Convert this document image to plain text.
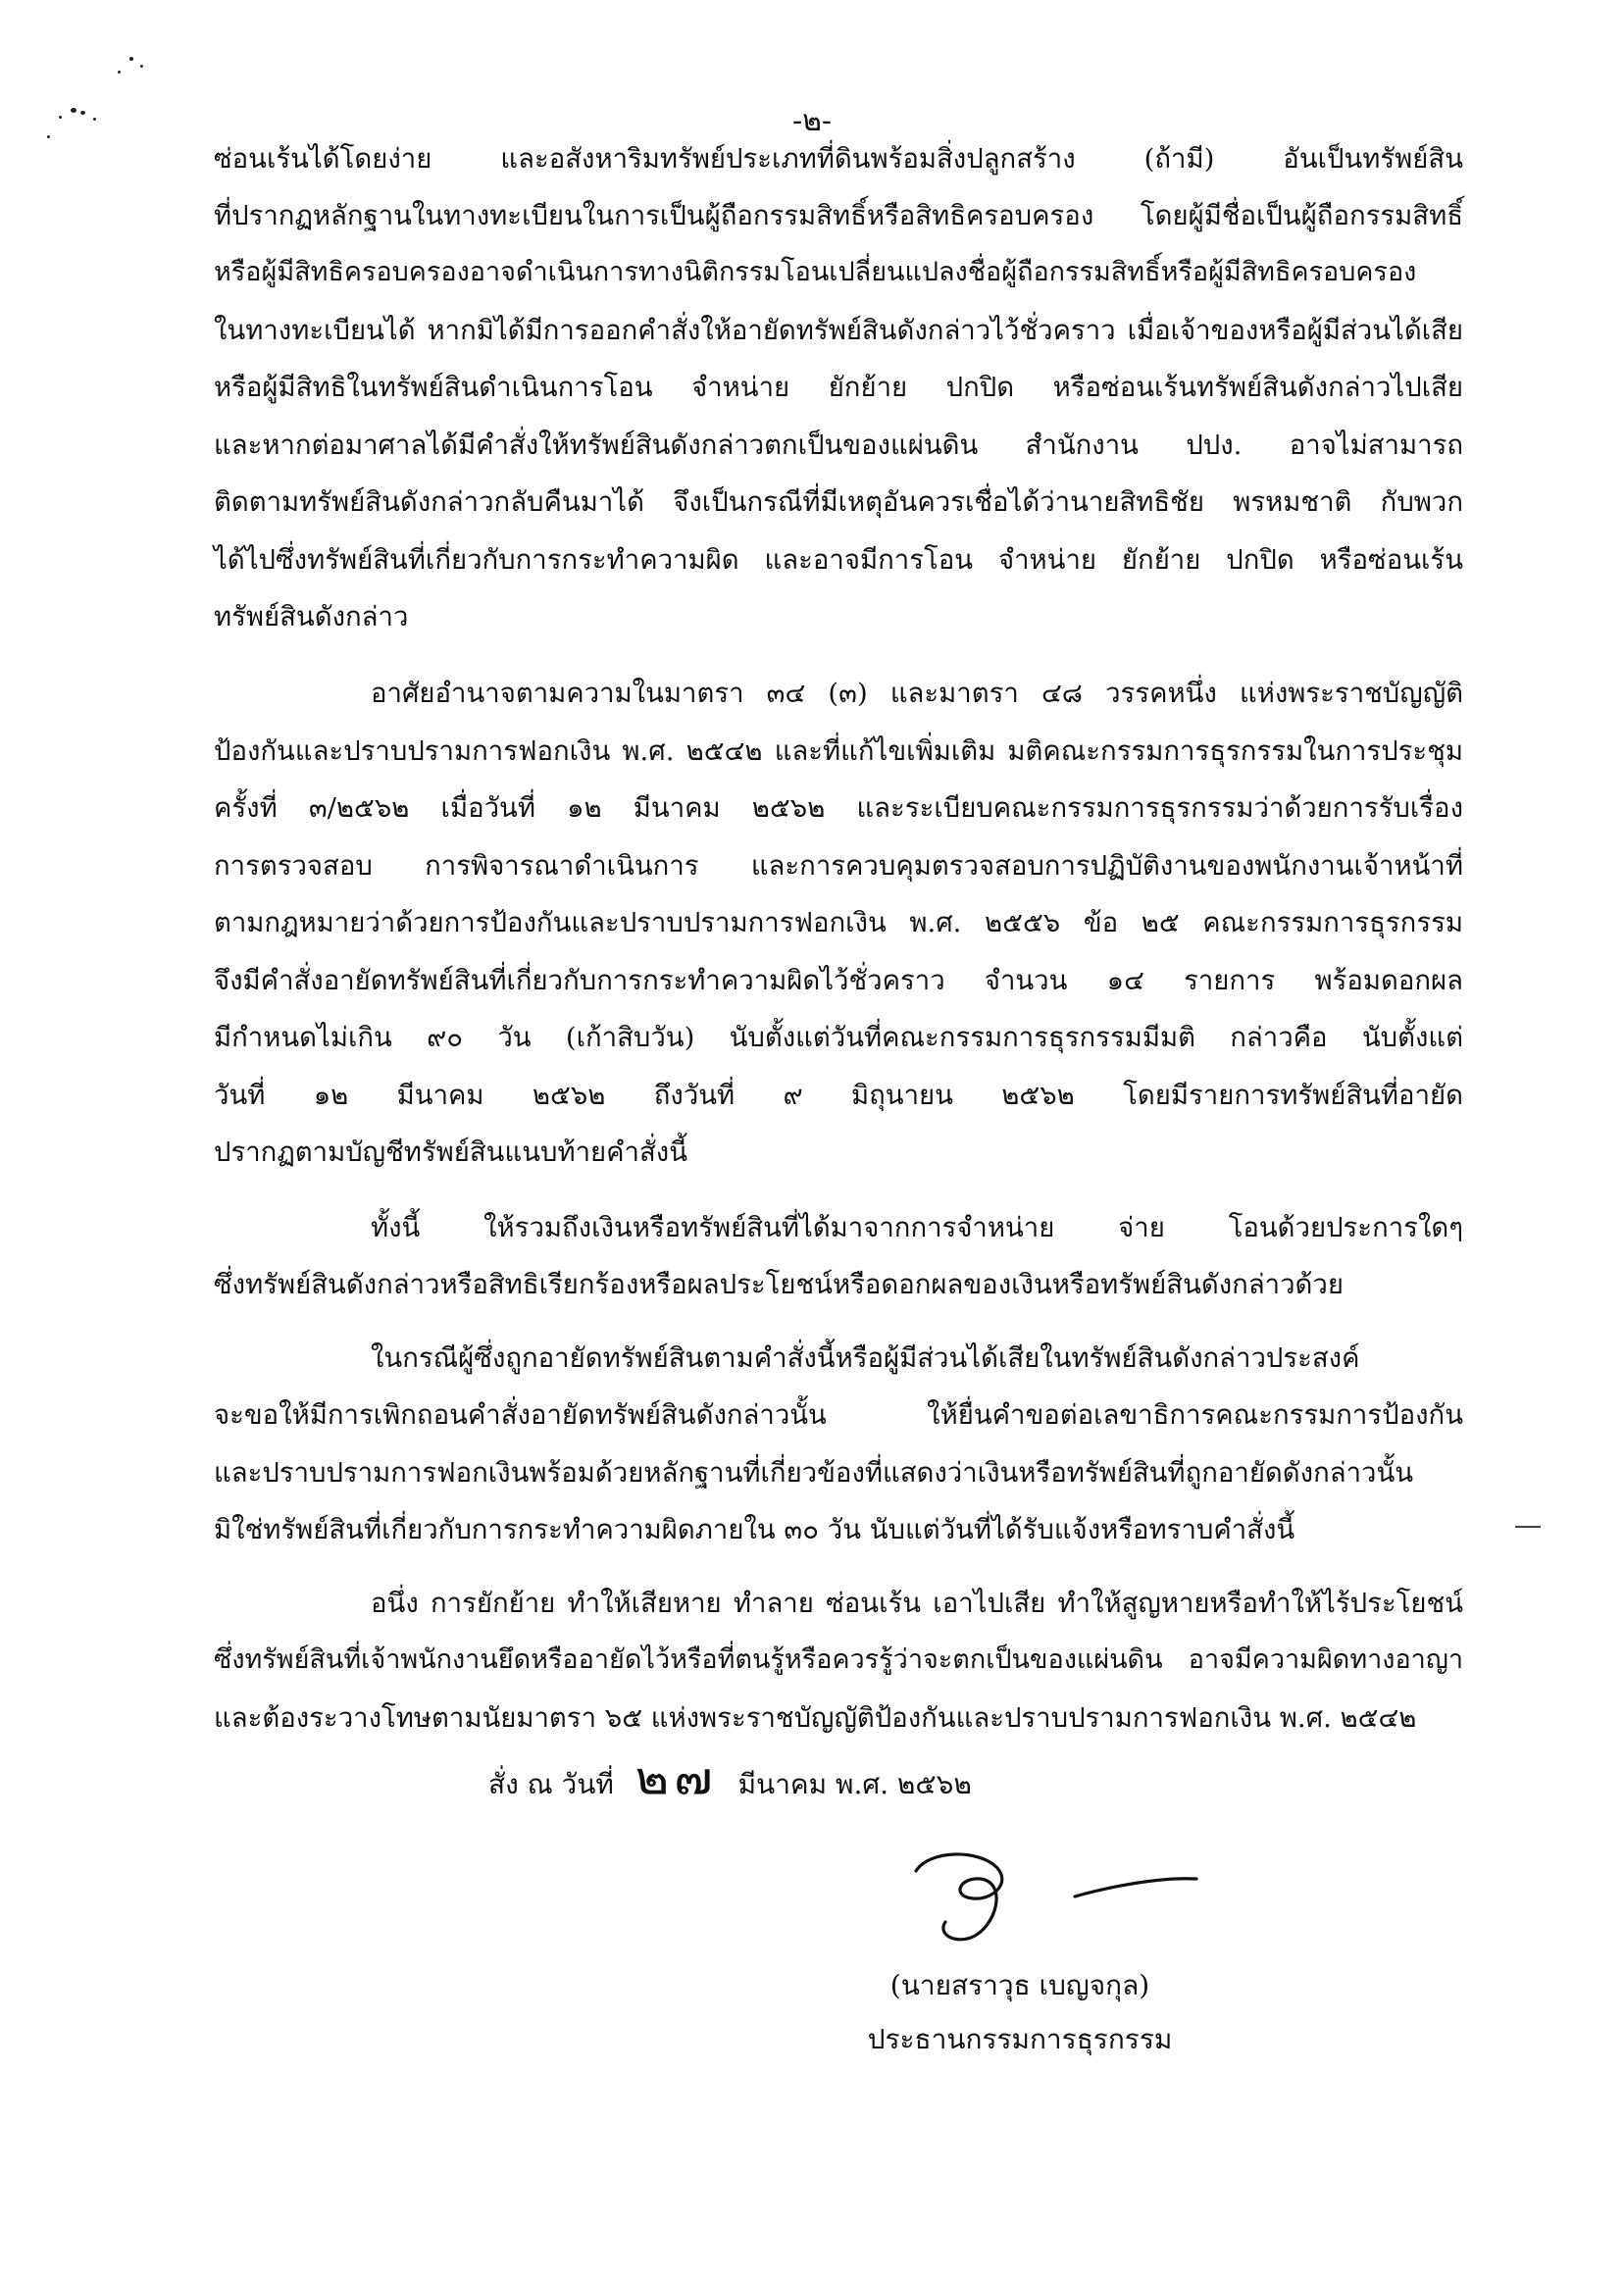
-๒-
ซ่อนเร้นได้โดยง่าย และอสังหาริมทรัพย์ประเภทที่ดินพร้อมสิ่งปลูกสร้าง (ถ้ามี) อันเป็นทรัพย์สิน
ที่ปรากฏหลักฐานในทางทะเบียนในการเป็นผู้ถือกรรมสิทธิ์หรือสิทธิครอบครอง โดยผู้มีชื่อเป็นผู้ถือกรรมสิทธิ์
หรือผู้มีสิทธิครอบครองอาจดำเนินการทางนิติกรรมโอนเปลี่ยนแปลงชื่อผู้ถือกรรมสิทธิ์หรือผู้มีสิทธิครอบครอง
ในทางทะเบียนได้ หากมิได้มีการออกคำสั่งให้อายัดทรัพย์สินดังกล่าวไว้ชั่วคราว เมื่อเจ้าของหรือผู้มีส่วนได้เสีย
หรือผู้มีสิทธิในทรัพย์สินดำเนินการโอน จำหน่าย ยักย้าย ปกปิด หรือซ่อนเร้นทรัพย์สินดังกล่าวไปเสีย
และหากต่อมาศาลได้มีคำสั่งให้ทรัพย์สินดังกล่าวตกเป็นของแผ่นดิน สำนักงาน ปปง. อาจไม่สามารถ
ติดตามทรัพย์สินดังกล่าวกลับคืนมาได้ จึงเป็นกรณีที่มีเหตุอันควรเชื่อได้ว่านายสิทธิชัย พรหมชาติ กับพวก
ได้ไปซึ่งทรัพย์สินที่เกี่ยวกับการกระทำความผิด และอาจมีการโอน จำหน่าย ยักย้าย ปกปิด หรือซ่อนเร้น
ทรัพย์สินดังกล่าว
อาศัยอำนาจตามความในมาตรา ๓๔ (๓) และมาตรา ๔๘ วรรคหนึ่ง แห่งพระราชบัญญัติ
ป้องกันและปราบปรามการฟอกเงิน พ.ศ. ๒๕๔๒ และที่แก้ไขเพิ่มเติม มติคณะกรรมการธุรกรรมในการประชุม
ครั้งที่ ๓/๒๕๖๒ เมื่อวันที่ ๑๒ มีนาคม ๒๕๖๒ และระเบียบคณะกรรมการธุรกรรมว่าด้วยการรับเรื่อง
การตรวจสอบ การพิจารณาดำเนินการ และการควบคุมตรวจสอบการปฏิบัติงานของพนักงานเจ้าหน้าที่
ตามกฎหมายว่าด้วยการป้องกันและปราบปรามการฟอกเงิน พ.ศ. ๒๕๕๖ ข้อ ๒๕ คณะกรรมการธุรกรรม
จึงมีคำสั่งอายัดทรัพย์สินที่เกี่ยวกับการกระทำความผิดไว้ชั่วคราว จำนวน ๑๔ รายการ พร้อมดอกผล
มีกำหนดไม่เกิน ๙๐ วัน (เก้าสิบวัน) นับตั้งแต่วันที่คณะกรรมการธุรกรรมมีมติ กล่าวคือ นับตั้งแต่
วันที่ ๑๒ มีนาคม ๒๕๖๒ ถึงวันที่ ๙ มิถุนายน ๒๕๖๒ โดยมีรายการทรัพย์สินที่อายัด
ปรากฏตามบัญชีทรัพย์สินแนบท้ายคำสั่งนี้
ทั้งนี้ ให้รวมถึงเงินหรือทรัพย์สินที่ได้มาจากการจำหน่าย จ่าย โอนด้วยประการใดๆ
ซึ่งทรัพย์สินดังกล่าวหรือสิทธิเรียกร้องหรือผลประโยชน์หรือดอกผลของเงินหรือทรัพย์สินดังกล่าวด้วย
ในกรณีผู้ซึ่งถูกอายัดทรัพย์สินตามคำสั่งนี้หรือผู้มีส่วนได้เสียในทรัพย์สินดังกล่าวประสงค์
จะขอให้มีการเพิกถอนคำสั่งอายัดทรัพย์สินดังกล่าวนั้น ให้ยื่นคำขอต่อเลขาธิการคณะกรรมการป้องกัน
และปราบปรามการฟอกเงินพร้อมด้วยหลักฐานที่เกี่ยวข้องที่แสดงว่าเงินหรือทรัพย์สินที่ถูกอายัดดังกล่าวนั้น
มิใช่ทรัพย์สินที่เกี่ยวกับการกระทำความผิดภายใน ๓๐ วัน นับแต่วันที่ได้รับแจ้งหรือทราบคำสั่งนี้
อนึ่ง การยักย้าย ทำให้เสียหาย ทำลาย ซ่อนเร้น เอาไปเสีย ทำให้สูญหายหรือทำให้ไร้ประโยชน์
ซึ่งทรัพย์สินที่เจ้าพนักงานยึดหรืออายัดไว้หรือที่ตนรู้หรือควรรู้ว่าจะตกเป็นของแผ่นดิน อาจมีความผิดทางอาญา
และต้องระวางโทษตามนัยมาตรา ๖๕ แห่งพระราชบัญญัติป้องกันและปราบปรามการฟอกเงิน พ.ศ. ๒๕๔๒
สั่ง ณ วันที่ ๒๗ มีนาคม พ.ศ. ๒๕๖๒
(นายสราวุธ เบญจกุล)
ประธานกรรมการธุรกรรม
